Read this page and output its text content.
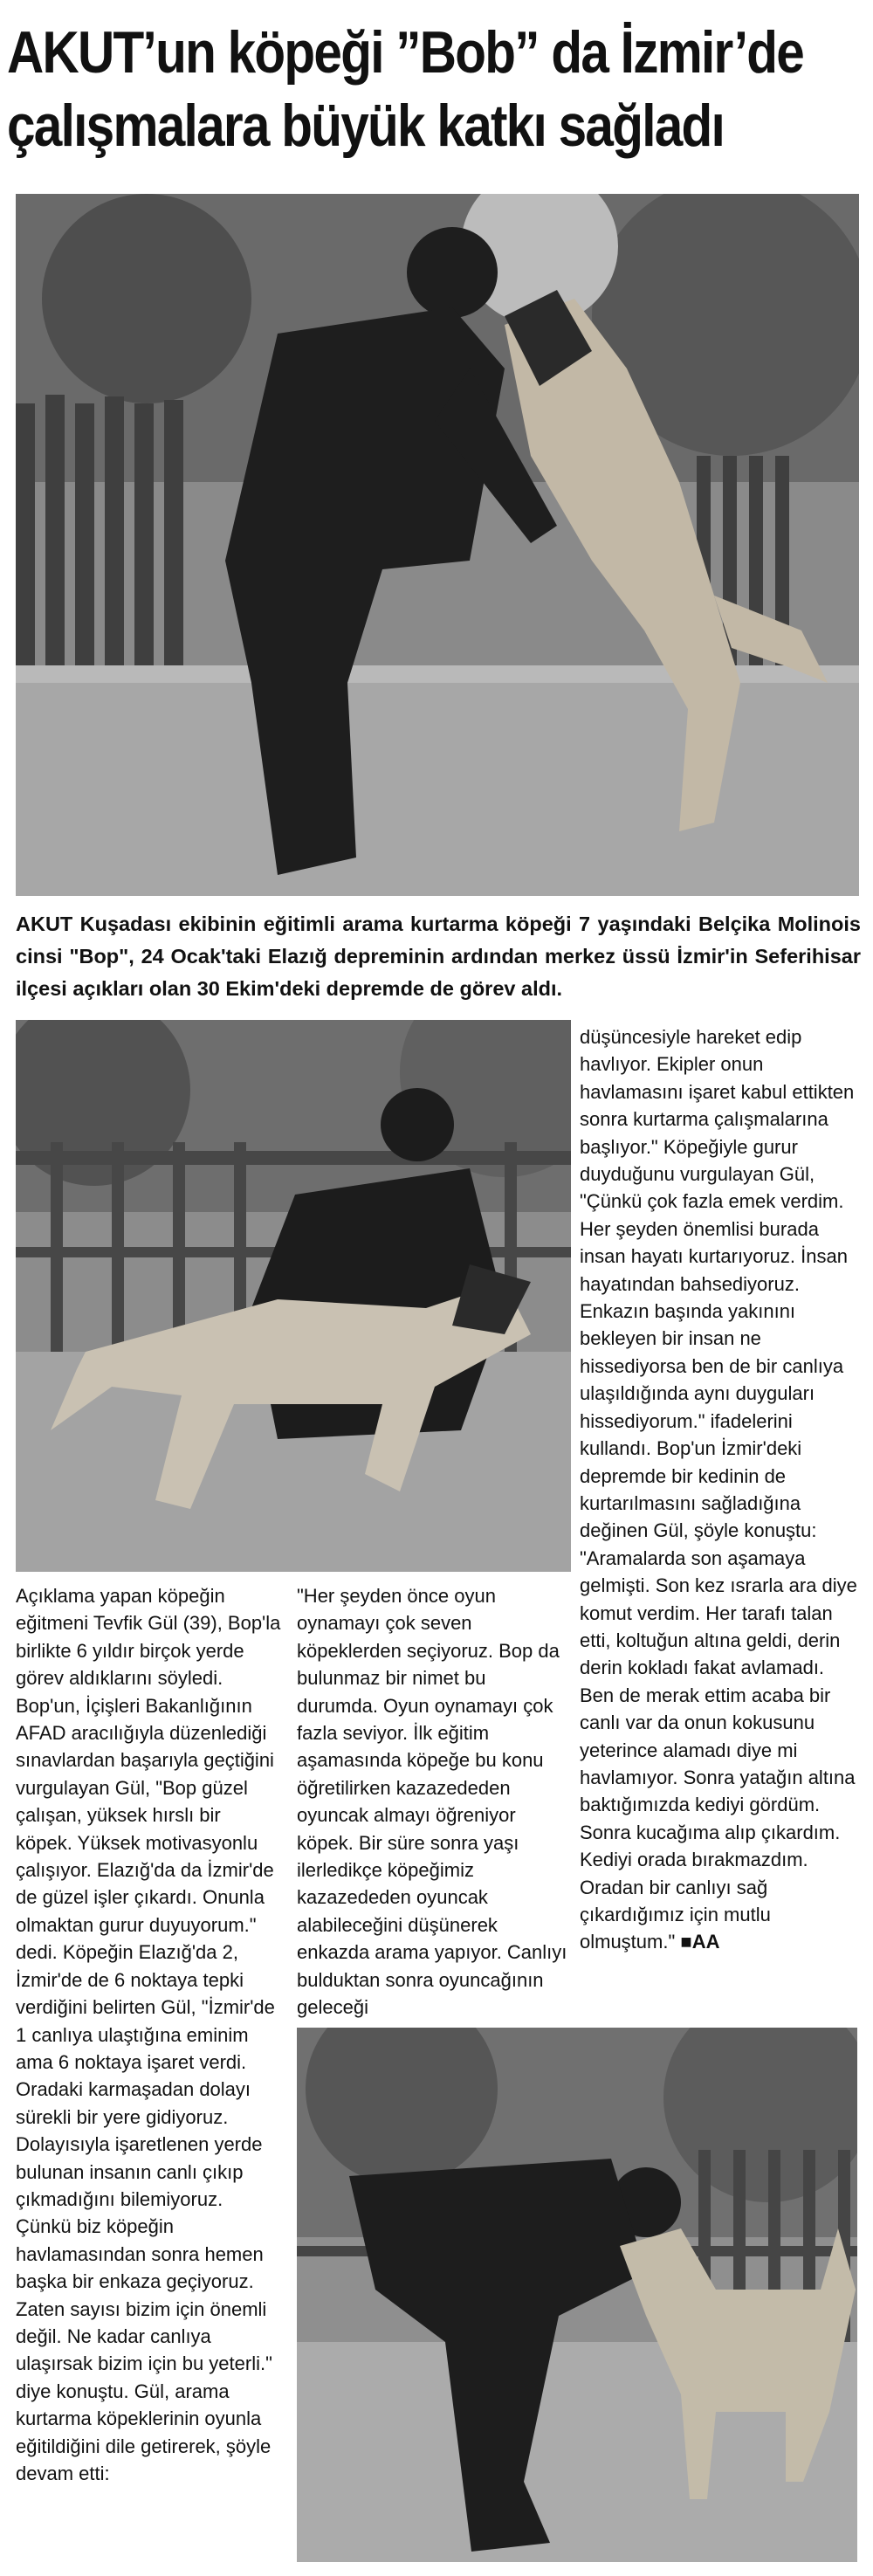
AKUT’un köpeği ”Bob” da İzmir’de
çalışmalara büyük katkı sağladı
AKUT Kuşadası ekibinin eğitimli arama kurtarma köpeği 7 yaşındaki Belçika Molinois cinsi "Bop", 24 Ocak'taki Elazığ depreminin ardından merkez üssü İzmir'in Seferihisar ilçesi açıkları olan 30 Ekim'deki depremde de görev aldı.

Açıklama yapan köpeğin eğitmeni Tevfik Gül (39), Bop'la birlikte 6 yıldır birçok yerde görev aldıklarını söyledi. Bop'un, İçişleri Bakanlığının AFAD aracılığıyla düzenlediği sınavlardan başarıyla geçtiğini vurgulayan Gül, "Bop güzel çalışan, yüksek hırslı bir köpek. Yüksek motivasyonlu çalışıyor. Elazığ'da da İzmir'de de güzel işler çıkardı. Onunla olmaktan gurur duyuyorum." dedi. Köpeğin Elazığ'da 2, İzmir'de de 6 noktaya tepki verdiğini belirten Gül, "İzmir'de 1 canlıya ulaştığına eminim ama 6 noktaya işaret verdi. Oradaki karmaşadan dolayı sürekli bir yere gidiyoruz. Dolayısıyla işaretlenen yerde bulunan insanın canlı çıkıp çıkmadığını bilemiyoruz. Çünkü biz köpeğin havlamasından sonra hemen başka bir enkaza geçiyoruz. Zaten sayısı bizim için önemli değil. Ne kadar canlıya ulaşırsak bizim için bu yeterli." diye konuştu. Gül, arama kurtarma köpeklerinin oyunla eğitildiğini dile getirerek, şöyle devam etti:

"Her şeyden önce oyun oynamayı çok seven köpeklerden seçiyoruz. Bop da bulunmaz bir nimet bu durumda. Oyun oynamayı çok fazla seviyor. İlk eğitim aşamasında köpeğe bu konu öğretilirken kazazededen oyuncak almayı öğreniyor köpek. Bir süre sonra yaşı ilerledikçe köpeğimiz kazazededen oyuncak alabileceğini düşünerek enkazda arama yapıyor. Canlıyı bulduktan sonra oyuncağının geleceği

düşüncesiyle hareket edip havlıyor. Ekipler onun havlamasını işaret kabul ettikten sonra kurtarma çalışmalarına başlıyor." Köpeğiyle gurur duyduğunu vurgulayan Gül, "Çünkü çok fazla emek verdim. Her şeyden önemlisi burada insan hayatı kurtarıyoruz. İnsan hayatından bahsediyoruz. Enkazın başında yakınını bekleyen bir insan ne hissediyorsa ben de bir canlıya ulaşıldığında aynı duyguları hissediyorum." ifadelerini kullandı. Bop'un İzmir'deki depremde bir kedinin de kurtarılmasını sağladığına değinen Gül, şöyle konuştu: "Aramalarda son aşamaya gelmişti. Son kez ısrarla ara diye komut verdim. Her tarafı talan etti, koltuğun altına geldi, derin derin kokladı fakat avlamadı. Ben de merak ettim acaba bir canlı var da onun kokusunu yeterince alamadı diye mi havlamıyor. Sonra yatağın altına baktığımızda kediyi gördüm. Sonra kucağıma alıp çıkardım. Kediyi orada bırakmazdım. Oradan bir canlıyı sağ çıkardığımız için mutlu olmuştum." ■AA
